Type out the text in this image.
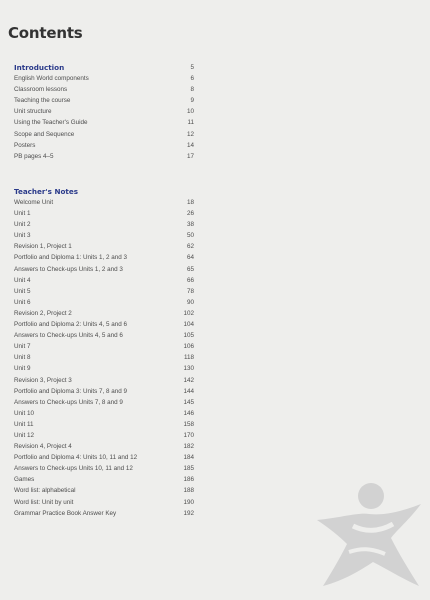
Contents
Introduction	5
English World components	6
Classroom lessons	8
Teaching the course	9
Unit structure	10
Using the Teacher's Guide	11
Scope and Sequence	12
Posters	14
PB pages 4–5	17
Teacher's Notes
Welcome Unit	18
Unit 1	26
Unit 2	38
Unit 3	50
Revision 1, Project 1	62
Portfolio and Diploma 1: Units 1, 2 and 3	64
Answers to Check-ups Units 1, 2 and 3	65
Unit 4	66
Unit 5	78
Unit 6	90
Revision 2, Project 2	102
Portfolio and Diploma 2: Units 4, 5 and 6	104
Answers to Check-ups Units 4, 5 and 6	105
Unit 7	106
Unit 8	118
Unit 9	130
Revision 3, Project 3	142
Portfolio and Diploma 3: Units 7, 8 and 9	144
Answers to Check-ups Units 7, 8 and 9	145
Unit 10	146
Unit 11	158
Unit 12	170
Revision 4, Project 4	182
Portfolio and Diploma 4: Units 10, 11 and 12	184
Answers to Check-ups Units 10, 11 and 12	185
Games	186
Word list: alphabetical	188
Word list: Unit by unit	190
Grammar Practice Book Answer Key	192
